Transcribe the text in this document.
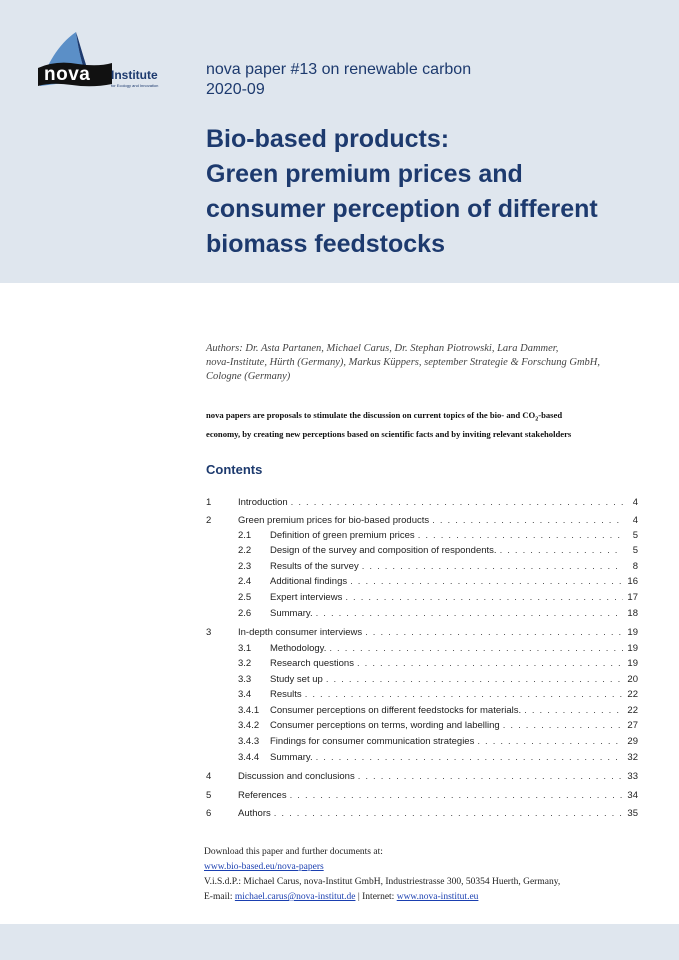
nova Institute
for Ecology and Innovation
nova paper #13 on renewable carbon
2020-09
Bio-based products:
Green premium prices and
consumer perception of different
biomass feedstocks
Authors: Dr. Asta Partanen, Michael Carus, Dr. Stephan Piotrowski, Lara Dammer,
nova-Institute, Hürth (Germany), Markus Küppers, september Strategie & Forschung GmbH,
Cologne (Germany)
nova papers are proposals to stimulate the discussion on current topics of the bio- and $CO_2$-based
economy, by creating new perceptions based on scientific facts and by inviting relevant stakeholders
Contents
1	Introduction . . .	4
2	Green premium prices for bio-based products . . .	4
2.1	Definition of green premium prices . . .	5
2.2	Design of the survey and composition of respondents. . . .	5
2.3	Results of the survey . . .	8
2.4	Additional findings . . .	16
2.5	Expert interviews . . .	17
2.6	Summary. . . .	18
3	In-depth consumer interviews . . .	19
3.1	Methodology. . . .	19
3.2	Research questions . . .	19
3.3	Study set up . . .	20
3.4	Results . . .	22
3.4.1	Consumer perceptions on different feedstocks for materials. . . .	22
3.4.2	Consumer perceptions on terms, wording and labelling . . .	27
3.4.3	Findings for consumer communication strategies . . .	29
3.4.4	Summary. . . .	32
4	Discussion and conclusions . . .	33
5	References . . .	34
6	Authors . . .	35
Download this paper and further documents at:
www.bio-based.eu/nova-papers
V.i.S.d.P.: Michael Carus, nova-Institut GmbH, Industriestrasse 300, 50354 Huerth, Germany,
E-mail: michael.carus@nova-institut.de | Internet: www.nova-institut.eu
